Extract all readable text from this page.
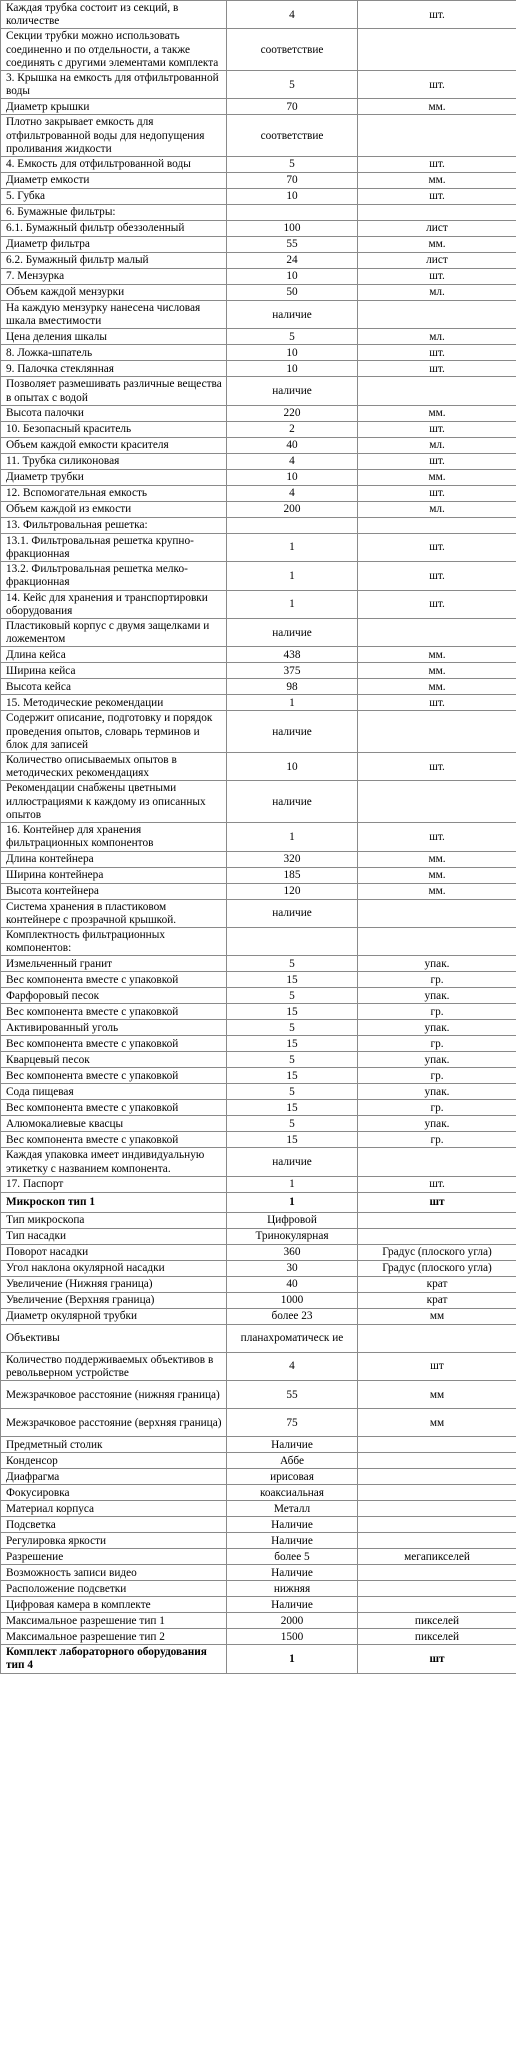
Каждая трубка состоит из секций, в количестве	4	шт.
Секции трубки можно использовать соединенно и по отдельности, а также соединять с другими элементами комплекта	соответствие	
3. Крышка на емкость для отфильтрованной воды	5	шт.
Диаметр крышки	70	мм.
Плотно закрывает емкость для отфильтрованной воды для недопущения проливания жидкости	соответствие	
4. Емкость для отфильтрованной воды	5	шт.
Диаметр емкости	70	мм.
5. Губка	10	шт.
6. Бумажные фильтры:		
6.1. Бумажный фильтр обеззоленный	100	лист
Диаметр фильтра	55	мм.
6.2. Бумажный фильтр малый	24	лист
7. Мензурка	10	шт.
Объем каждой мензурки	50	мл.
На каждую мензурку нанесена числовая шкала вместимости	наличие	
Цена деления шкалы	5	мл.
8. Ложка-шпатель	10	шт.
9. Палочка стеклянная	10	шт.
Позволяет размешивать различные вещества в опытах с водой	наличие	
Высота палочки	220	мм.
10. Безопасный краситель	2	шт.
Объем каждой емкости красителя	40	мл.
11. Трубка силиконовая	4	шт.
Диаметр трубки	10	мм.
12. Вспомогательная емкость	4	шт.
Объем каждой из емкости	200	мл.
13. Фильтровальная решетка:		
13.1. Фильтровальная решетка крупно-фракционная	1	шт.
13.2. Фильтровальная решетка мелко-фракционная	1	шт.
14. Кейс для хранения и транспортировки оборудования	1	шт.
Пластиковый корпус с двумя защелками и ложементом	наличие	
Длина кейса	438	мм.
Ширина кейса	375	мм.
Высота кейса	98	мм.
15. Методические рекомендации	1	шт.
Содержит описание, подготовку и порядок проведения опытов, словарь терминов и блок для записей	наличие	
Количество описываемых опытов в методических рекомендациях	10	шт.
Рекомендации снабжены цветными иллюстрациями к каждому из описанных опытов	наличие	
16. Контейнер для хранения фильтрационных компонентов	1	шт.
Длина контейнера	320	мм.
Ширина контейнера	185	мм.
Высота контейнера	120	мм.
Система хранения в пластиковом контейнере с прозрачной крышкой.	наличие	
Комплектность фильтрационных компонентов:		
Измельченный гранит	5	упак.
Вес компонента вместе с упаковкой	15	гр.
Фарфоровый песок	5	упак.
Вес компонента вместе с упаковкой	15	гр.
Активированный уголь	5	упак.
Вес компонента вместе с упаковкой	15	гр.
Кварцевый песок	5	упак.
Вес компонента вместе с упаковкой	15	гр.
Сода пищевая	5	упак.
Вес компонента вместе с упаковкой	15	гр.
Алюмокалиевые квасцы	5	упак.
Вес компонента вместе с упаковкой	15	гр.
Каждая упаковка имеет индивидуальную этикетку с названием компонента.	наличие	
17. Паспорт	1	шт.
Микроскоп тип 1	1	шт
Тип микроскопа	Цифровой	
Тип насадки	Тринокулярная	
Поворот насадки	360	Градус (плоского угла)
Угол наклона окулярной насадки	30	Градус (плоского угла)
Увеличение (Нижняя граница)	40	крат
Увеличение (Верхняя граница)	1000	крат
Диаметр окулярной трубки	более 23	мм
Объективы	планахроматическ ие	
Количество поддерживаемых объективов в револьверном устройстве	4	шт
Межзрачковое расстояние (нижняя граница)	55	мм
Межзрачковое расстояние (верхняя граница)	75	мм
Предметный столик	Наличие	
Конденсор	Аббе	
Диафрагма	ирисовая	
Фокусировка	коаксиальная	
Материал корпуса	Металл	
Подсветка	Наличие	
Регулировка яркости	Наличие	
Разрешение	более 5	мегапикселей
Возможность записи видео	Наличие	
Расположение подсветки	нижняя	
Цифровая камера в комплекте	Наличие	
Максимальное разрешение тип 1	2000	пикселей
Максимальное разрешение тип 2	1500	пикселей
Комплект лабораторного оборудования тип 4	1	шт
